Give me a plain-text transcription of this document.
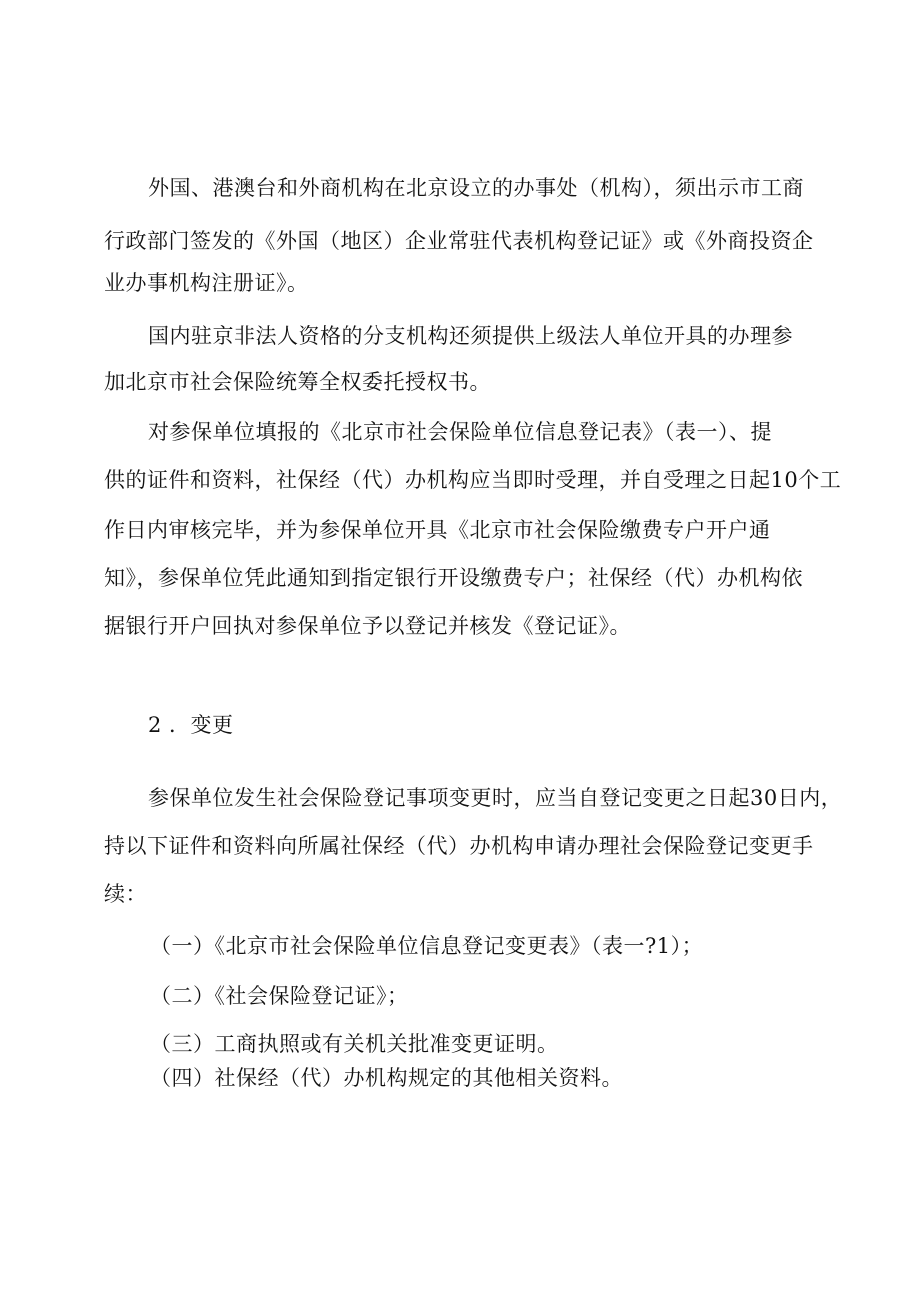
外国、港澳台和外商机构在北京设立的办事处（机构），须出示市工商
行政部门签发的《外国（地区）企业常驻代表机构登记证》或《外商投资企
业办事机构注册证》。
国内驻京非法人资格的分支机构还须提供上级法人单位开具的办理参
加北京市社会保险统筹全权委托授权书。
对参保单位填报的《北京市社会保险单位信息登记表》（表一）、提
供的证件和资料，社保经（代）办机构应当即时受理，并自受理之日起10个工
作日内审核完毕，并为参保单位开具《北京市社会保险缴费专户开户通
知》，参保单位凭此通知到指定银行开设缴费专户；社保经（代）办机构依
据银行开户回执对参保单位予以登记并核发《登记证》。
2 ．变更
参保单位发生社会保险登记事项变更时，应当自登记变更之日起30日内，
持以下证件和资料向所属社保经（代）办机构申请办理社会保险登记变更手
续：
（一）《北京市社会保险单位信息登记变更表》（表一?1）；
（二）《社会保险登记证》；
（三）工商执照或有关机关批准变更证明。
（四）社保经（代）办机构规定的其他相关资料。
